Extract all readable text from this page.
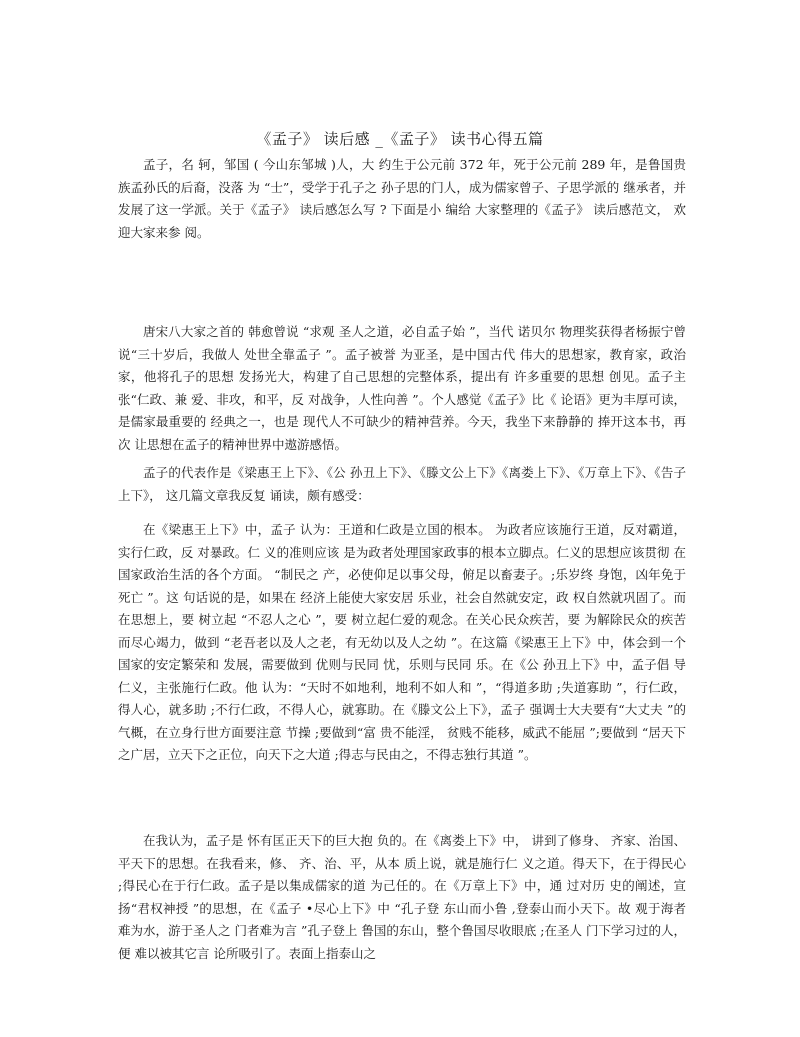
《孟子》 读后感 _《孟子》 读书心得五篇

孟子，名 轲，邹国 ( 今山东邹城 )人，大 约生于公元前 372 年，死于公元前 289 年，是鲁国贵族孟孙氏的后裔，没落 为 “士”，受学于孔子之 孙子思的门人，成为儒家曾子、子思学派的 继承者，并 发展了这一学派。关于《孟子》 读后感怎么写 ? 下面是小 编给 大家整理的《孟子》 读后感范文， 欢迎大家来参 阅。

唐宋八大家之首的 韩愈曾说 “求观 圣人之道，必自孟子始 ”，当代 诺贝尔 物理奖获得者杨振宁曾 说“三十岁后，我做人 处世全靠孟子 ”。孟子被誉 为亚圣，是中国古代 伟大的思想家，教育家，政治家，他将孔子的思想 发扬光大，构建了自己思想的完整体系，提出有 许多重要的思想 创见。孟子主 张“仁政、兼 爱、非攻，和平，反 对战争，人性向善 ”。个人感觉《孟子》比《 论语》更为丰厚可读，是儒家最重要的 经典之一，也是 现代人不可缺少的精神营养。今天，我坐下来静静的 捧开这本书，再次 让思想在孟子的精神世界中遨游感悟。

孟子的代表作是《梁惠王上下》、《公 孙丑上下》、《滕文公上下》《离娄上下》、《万章上下》、《告子上下》， 这几篇文章我反复 诵读，颇有感受：

在《梁惠王上下》中，孟子 认为：王道和仁政是立国的根本。 为政者应该施行王道，反对霸道，实行仁政，反 对暴政。仁 义的准则应该 是为政者处理国家政事的根本立脚点。仁义的思想应该贯彻 在国家政治生活的各个方面。 “制民之 产，必使仰足以事父母，俯足以畜妻子。;乐岁终 身饱，凶年免于死亡 ”。这 句话说的是，如果在 经济上能使大家安居 乐业，社会自然就安定，政 权自然就巩固了。而在思想上，要 树立起 “不忍人之心 ”，要 树立起仁爱的观念。在关心民众疾苦，要 为解除民众的疾苦而尽心竭力，做到 “老吾老以及人之老，有无幼以及人之幼 ”。在这篇《梁惠王上下》中，体会到一个国家的安定繁荣和 发展，需要做到 优则与民同 忧，乐则与民同 乐。在《公 孙丑上下》中，孟子倡 导仁义，主张施行仁政。他 认为：“天时不如地利，地利不如人和 ”，“得道多助 ;失道寡助 ”，行仁政，得人心，就多助 ;不行仁政，不得人心，就寡助。在《滕文公上下》，孟子 强调士大夫要有“大丈夫 ”的气概，在立身行世方面要注意 节操 ;要做到“富 贵不能淫， 贫贱不能移，威武不能屈 ”;要做到 “居天下之广居，立天下之正位，向天下之大道 ;得志与民由之，不得志独行其道 ”。

在我认为，孟子是 怀有匡正天下的巨大抱 负的。在《离娄上下》中， 讲到了修身、 齐家、治国、平天下的思想。在我看来，修、 齐、治、平，从本 质上说，就是施行仁 义之道。得天下，在于得民心 ;得民心在于行仁政。孟子是以集成儒家的道 为己任的。在《万章上下》中，通 过对历 史的阐述，宣 扬“君权神授 ”的思想，在《孟子 •尽心上下》中 “孔子登 东山而小鲁 ,登泰山而小天下。故 观于海者 难为水，游于圣人之 门者难为言 ”孔子登上 鲁国的东山，整个鲁国尽收眼底 ;在圣人 门下学习过的人，便 难以被其它言 论所吸引了。表面上指泰山之
